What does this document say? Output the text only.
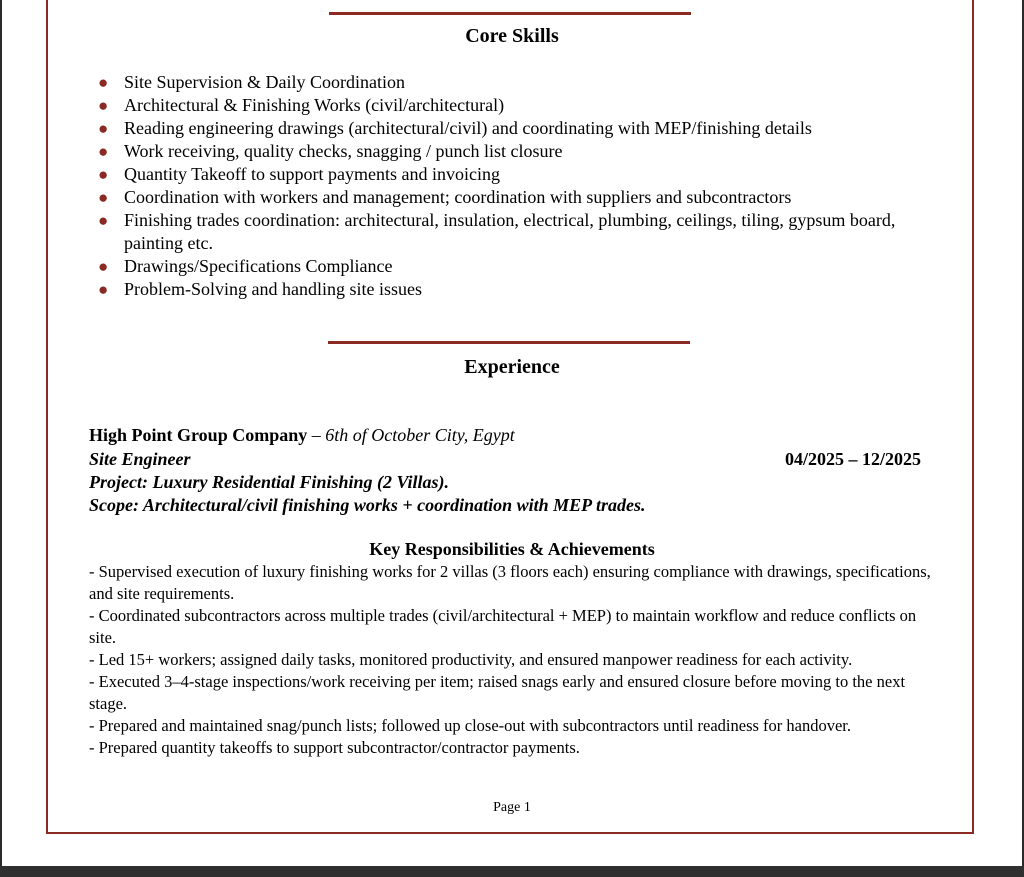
Core Skills
● Site Supervision & Daily Coordination
● Architectural & Finishing Works (civil/architectural)
● Reading engineering drawings (architectural/civil) and coordinating with MEP/finishing details
● Work receiving, quality checks, snagging / punch list closure
● Quantity Takeoff to support payments and invoicing
● Coordination with workers and management; coordination with suppliers and subcontractors
● Finishing trades coordination: architectural, insulation, electrical, plumbing, ceilings, tiling, gypsum board, painting etc.
● Drawings/Specifications Compliance
● Problem-Solving and handling site issues
Experience
High Point Group Company – 6th of October City, Egypt
Site Engineer	04/2025 – 12/2025
Project: Luxury Residential Finishing (2 Villas).
Scope: Architectural/civil finishing works + coordination with MEP trades.
Key Responsibilities & Achievements
- Supervised execution of luxury finishing works for 2 villas (3 floors each) ensuring compliance with drawings, specifications, and site requirements.
- Coordinated subcontractors across multiple trades (civil/architectural + MEP) to maintain workflow and reduce conflicts on site.
- Led 15+ workers; assigned daily tasks, monitored productivity, and ensured manpower readiness for each activity.
- Executed 3–4-stage inspections/work receiving per item; raised snags early and ensured closure before moving to the next stage.
- Prepared and maintained snag/punch lists; followed up close-out with subcontractors until readiness for handover.
- Prepared quantity takeoffs to support subcontractor/contractor payments.
Page 1
